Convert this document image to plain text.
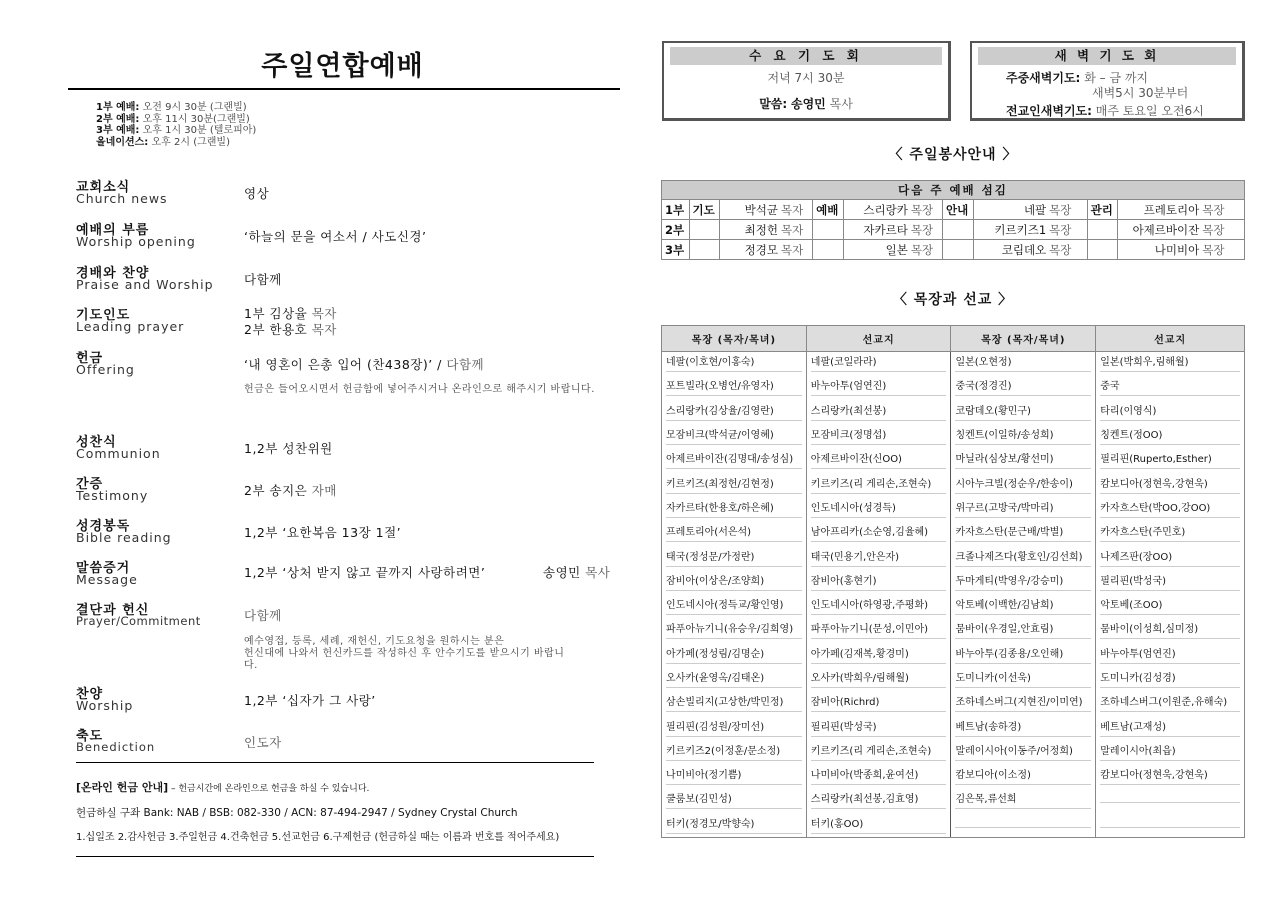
주일연합예배
1부 예배: 오전 9시 30분 (그랜빌)
2부 예배: 오후 11시 30분(그랜빌)
3부 예배: 오후 1시 30분 (텔로피아)
올네이션스: 오후 2시 (그랜빌)
교회소식
Church news	영상
예배의 부름
Worship opening	‘하늘의 문을 여소서 / 사도신경’
경배와 찬양
Praise and Worship 다함께
기도인도
Leading prayer
1부 김상율 목자
2부 한용호 목자
헌금
Offering	‘내 영혼이 은총 입어 (찬438장)’ / 다함께
헌금은 들어오시면서 헌금함에 넣어주시거나 온라인으로 해주시기 바랍니다.
성찬식
Communion	1,2부 성찬위원
간증
Testimony	2부 송지은 자매
성경봉독
Bible reading	1,2부 ‘요한복음 13장 1절’
말씀증거
Message	1,2부 ‘상처 받지 않고 끝까지 사랑하려면’	송영민 목사
결단과 헌신
Prayer/Commitment	다함께
예수영접, 등록, 세례, 재헌신, 기도요청을 원하시는 분은
헌신대에 나와서 헌신카드를 작성하신 후 안수기도를 받으시기 바랍니
다.
찬양
Worship	1,2부 ‘십자가 그 사랑’
축도
Benediction	인도자
[온라인 헌금 안내] – 헌금시간에 온라인으로 헌금을 하실 수 있습니다.
헌금하실 구좌 Bank: NAB / BSB: 082-330 / ACN: 87-494-2947 / Sydney Crystal Church
1.십일조 2.감사헌금 3.주일헌금 4.건축헌금 5.선교헌금 6.구제헌금 (헌금하실 때는 이름과 번호를 적어주세요)
수 요 기 도 회
저녁 7시 30분
말씀: 송영민 목사
새 벽 기 도 회
주중새벽기도: 화 – 금 까지
새벽5시 30분부터
전교인새벽기도: 매주 토요일 오전6시
〈 주일봉사안내 〉
다음 주 예배 섬김												
1부	기도	박석균	목자	예배	스리랑카	목장	안내	네팔	목장	관리	프레토리아	목장
2부		최정헌	목자		자카르타	목장		키르키즈1	목장		아제르바이잔	목장
3부		정경모	목자		일본	목장		코림데오	목장		나미비아	목장
〈 목장과 선교 〉
목장 (목자/목녀)	선교지	목장 (목자/목녀)	선교지
네팔(이호현/이홍숙)	네팔(코일라라)	일본(오현정)	일본(박희우,림해월)
포트빌라(오병언/유영자)	바누아투(엄연진)	중국(정경진)	중국
스리랑카(김상율/김영란)	스리랑카(최선봉)	코람데오(황민구)	타리(이영식)
모잠비크(박석균/이영혜)	모잠비크(정명섭)	칭켄트(이일하/송성희)	칭켄트(정OO)
아제르바이잔(김명대/송성심)	아제르바이잔(신OO)	마닐라(심상보/황선미)	필리핀(Ruperto,Esther)
키르키즈(최정헌/김현정)	키르키즈(리 게리손,조현숙)	시아누크빌(정순우/한송이)	캄보디아(정현욱,강현욱)
자카르타(한용호/하은혜)	인도네시아(성경득)	위구르(고방국/박마리)	카자흐스탄(박OO,강OO)
프레토리아(서은석)	남아프리카(소순영,김율혜)	카자흐스탄(문근배/박별)	카자흐스탄(주민호)
태국(정성문/가정란)	태국(민용기,안은자)	크졸나제즈다(황호인/김선희)	나제즈판(장OO)
잠비아(이상은/조양희)	잠비아(홍현기)	두마게티(박영우/강승미)	필리핀(박성국)
인도네시아(정득교/황인영)	인도네시아(하영광,주평화)	악토베(이백한/김남희)	악토베(조OO)
파푸아뉴기니(유승우/김희영)	파푸아뉴기니(문성,이민아)	뭄바이(우경일,안효림)	뭄바이(이성희,심미정)
아가페(정성림/김명순)	아가페(김재복,황경미)	바누아투(김종용/오인해)	바누아투(엄연진)
오사카(윤영옥/김태온)	오사카(박희우/림해월)	도미니카(이선욱)	도미니카(김성경)
삼손빌리지(고상한/박민정)	잠비아(Richrd)	조하네스버그(지현진/이미연)	조하네스버그(이원준,유해숙)
필리핀(김성원/장미선)	필리핀(박성국)	베트남(송하경)	베트남(고재성)
키르키즈2(이정훈/문소정)	키르키즈(리 게리손,조현숙)	말레이시아(이동주/어정희)	말레이시아(최읍)
나미비아(정기쁨)	나미비아(박종희,윤여선)	캄보디아(이소정)	캄보디아(정현욱,강현욱)
쿨룸보(김민성)	스리랑카(최선봉,김효영)	김은목,류선희	
터키(정경모/박향숙)	터키(홍OO)		
